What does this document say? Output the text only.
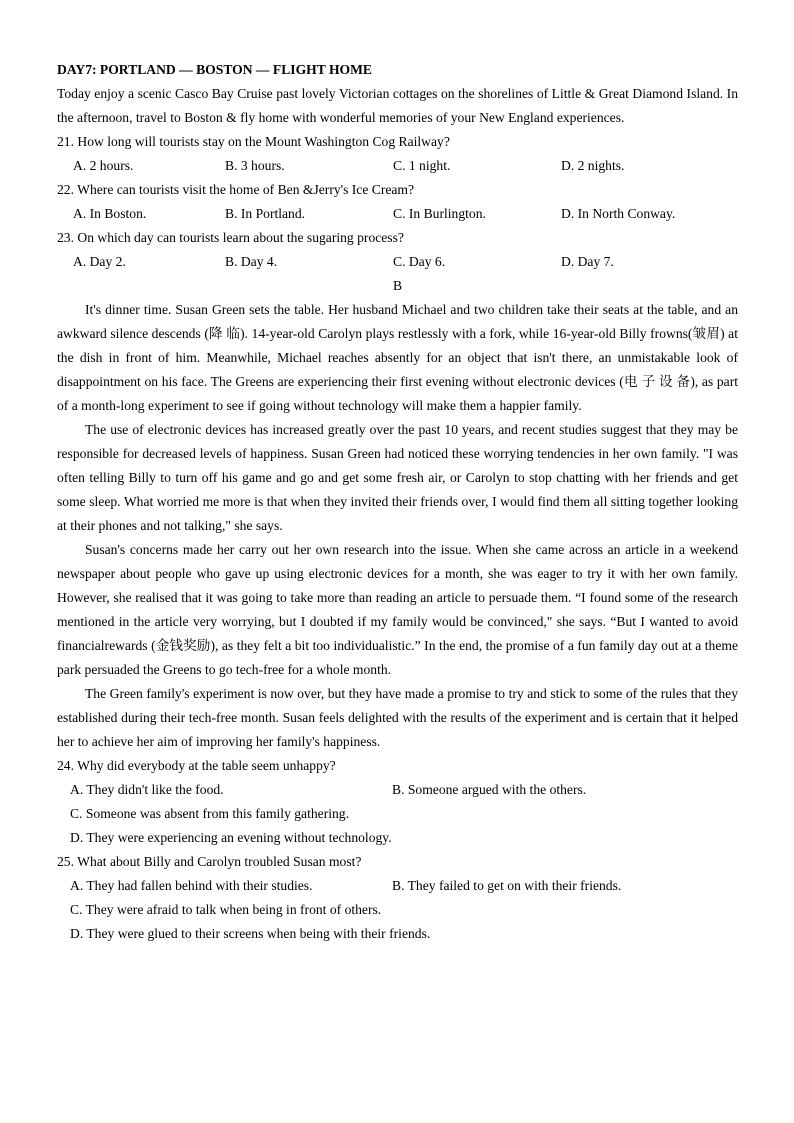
DAY7: PORTLAND — BOSTON — FLIGHT HOME
Today enjoy a scenic Casco Bay Cruise past lovely Victorian cottages on the shorelines of Little & Great Diamond Island. In the afternoon, travel to Boston & fly home with wonderful memories of your New England experiences.
21. How long will tourists stay on the Mount Washington Cog Railway?
A. 2 hours.	B. 3 hours.	C. 1 night.	D. 2 nights.
22. Where can tourists visit the home of Ben &Jerry's Ice Cream?
A. In Boston.	B. In Portland.	C. In Burlington.	D. In North Conway.
23. On which day can tourists learn about the sugaring process?
A. Day 2.	B. Day 4.	C. Day 6.	D. Day 7.
B
It's dinner time. Susan Green sets the table. Her husband Michael and two children take their seats at the table, and an awkward silence descends (降 临). 14-year-old Carolyn plays restlessly with a fork, while 16-year-old Billy frowns(皱眉) at the dish in front of him. Meanwhile, Michael reaches absently for an object that isn't there, an unmistakable look of disappointment on his face. The Greens are experiencing their first evening without electronic devices (电 子 设 备), as part of a month-long experiment to see if going without technology will make them a happier family.
The use of electronic devices has increased greatly over the past 10 years, and recent studies suggest that they may be responsible for decreased levels of happiness. Susan Green had noticed these worrying tendencies in her own family. "I was often telling Billy to turn off his game and go and get some fresh air, or Carolyn to stop chatting with her friends and get some sleep. What worried me more is that when they invited their friends over, I would find them all sitting together looking at their phones and not talking," she says.
Susan's concerns made her carry out her own research into the issue. When she came across an article in a weekend newspaper about people who gave up using electronic devices for a month, she was eager to try it with her own family. However, she realised that it was going to take more than reading an article to persuade them. “I found some of the research mentioned in the article very worrying, but I doubted if my family would be convinced," she says. “But I wanted to avoid financialrewards (金钱奖励), as they felt a bit too individualistic.” In the end, the promise of a fun family day out at a theme park persuaded the Greens to go tech-free for a whole month.
The Green family's experiment is now over, but they have made a promise to try and stick to some of the rules that they established during their tech-free month. Susan feels delighted with the results of the experiment and is certain that it helped her to achieve her aim of improving her family's happiness.
24. Why did everybody at the table seem unhappy?
A. They didn't like the food.	B. Someone argued with the others.
C. Someone was absent from this family gathering.
D. They were experiencing an evening without technology.
25. What about Billy and Carolyn troubled Susan most?
A. They had fallen behind with their studies.	B. They failed to get on with their friends.
C. They were afraid to talk when being in front of others.
D. They were glued to their screens when being with their friends.
